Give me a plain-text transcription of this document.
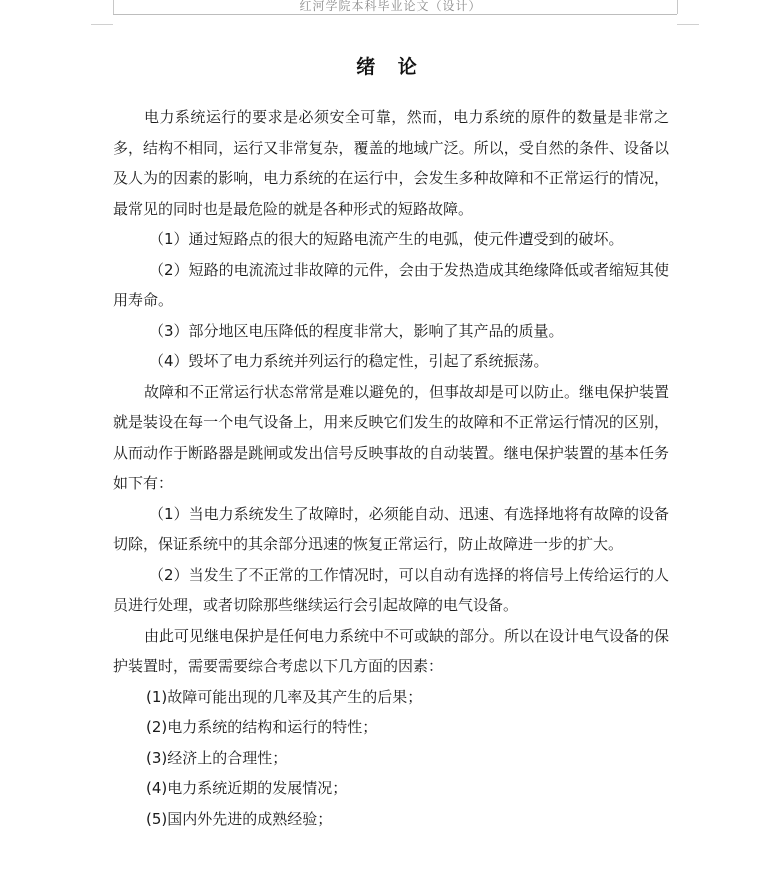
红河学院本科毕业论文（设计）
绪 论

电力系统运行的要求是必须安全可靠，然而，电力系统的原件的数量是非常之多，结构不相同，运行又非常复杂，覆盖的地域广泛。所以，受自然的条件、设备以及人为的因素的影响，电力系统的在运行中，会发生多种故障和不正常运行的情况，最常见的同时也是最危险的就是各种形式的短路故障。

（1）通过短路点的很大的短路电流产生的电弧，使元件遭受到的破坏。

（2）短路的电流流过非故障的元件，会由于发热造成其绝缘降低或者缩短其使用寿命。

（3）部分地区电压降低的程度非常大，影响了其产品的质量。

（4）毁坏了电力系统并列运行的稳定性，引起了系统振荡。

故障和不正常运行状态常常是难以避免的，但事故却是可以防止。继电保护装置就是装设在每一个电气设备上，用来反映它们发生的故障和不正常运行情况的区别，从而动作于断路器是跳闸或发出信号反映事故的自动装置。继电保护装置的基本任务如下有：

（1）当电力系统发生了故障时，必须能自动、迅速、有选择地将有故障的设备切除，保证系统中的其余部分迅速的恢复正常运行，防止故障进一步的扩大。

（2）当发生了不正常的工作情况时，可以自动有选择的将信号上传给运行的人员进行处理，或者切除那些继续运行会引起故障的电气设备。

由此可见继电保护是任何电力系统中不可或缺的部分。所以在设计电气设备的保护装置时，需要需要综合考虑以下几方面的因素：

(1)故障可能出现的几率及其产生的后果；

(2)电力系统的结构和运行的特性；

(3)经济上的合理性；

(4)电力系统近期的发展情况；

(5)国内外先进的成熟经验；
